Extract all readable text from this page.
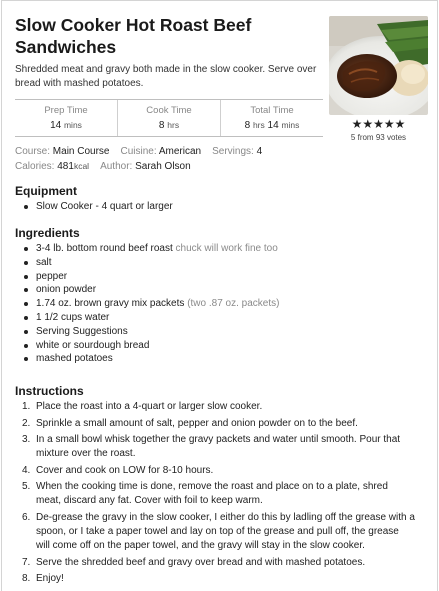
Slow Cooker Hot Roast Beef Sandwiches

Shredded meat and gravy both made in the slow cooker. Serve over bread with mashed potatoes.

★★★★★
5 from 93 votes
Prep Time
14 mins
Cook Time
8 hrs
Total Time
8 hrs 14 mins
Course: Main Course Cuisine: American Servings: 4
Calories: 481kcal Author: Sarah Olson
Equipment
Slow Cooker - 4 quart or larger
Ingredients
3-4 lb. bottom round beef roast chuck will work fine too
salt
pepper
onion powder
1.74 oz. brown gravy mix packets (two .87 oz. packets)
1 1/2 cups water
Serving Suggestions
white or sourdough bread
mashed potatoes
Instructions
1. Place the roast into a 4-quart or larger slow cooker.
2. Sprinkle a small amount of salt, pepper and onion powder on to the beef.
3. In a small bowl whisk together the gravy packets and water until smooth. Pour that mixture over the roast.
4. Cover and cook on LOW for 8-10 hours.
5. When the cooking time is done, remove the roast and place on to a plate, shred meat, discard any fat. Cover with foil to keep warm.
6. De-grease the gravy in the slow cooker, I either do this by ladling off the grease with a spoon, or I take a paper towel and lay on top of the grease and pull off, the grease will come off on the paper towel, and the gravy will stay in the slow cooker.
7. Serve the shredded beef and gravy over bread and with mashed potatoes.
8. Enjoy!
